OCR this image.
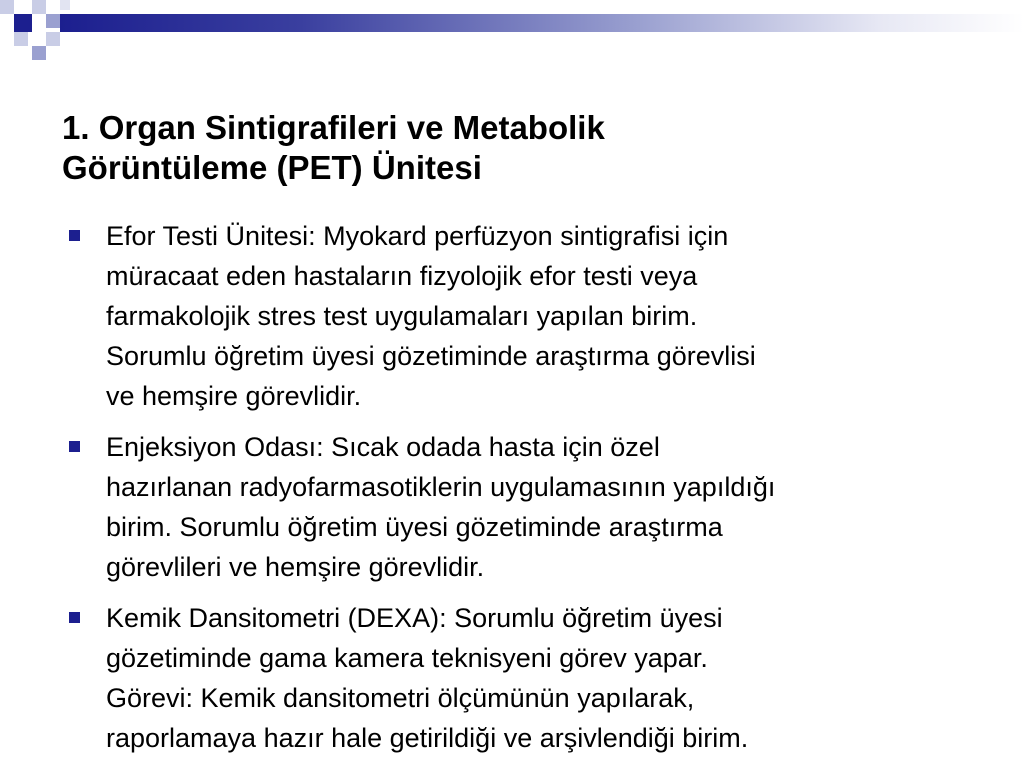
1. Organ Sintigrafileri ve Metabolik
Görüntüleme (PET) Ünitesi
Efor Testi Ünitesi: Myokard perfüzyon sintigrafisi için
müracaat eden hastaların fizyolojik efor testi veya
farmakolojik stres test uygulamaları yapılan birim.
Sorumlu öğretim üyesi gözetiminde araştırma görevlisi
ve hemşire görevlidir.
Enjeksiyon Odası: Sıcak odada hasta için özel
hazırlanan radyofarmasotiklerin uygulamasının yapıldığı
birim. Sorumlu öğretim üyesi gözetiminde araştırma
görevlileri ve hemşire görevlidir.
Kemik Dansitometri (DEXA): Sorumlu öğretim üyesi
gözetiminde gama kamera teknisyeni görev yapar.
Görevi: Kemik dansitometri ölçümünün yapılarak,
raporlamaya hazır hale getirildiği ve arşivlendiği birim.
